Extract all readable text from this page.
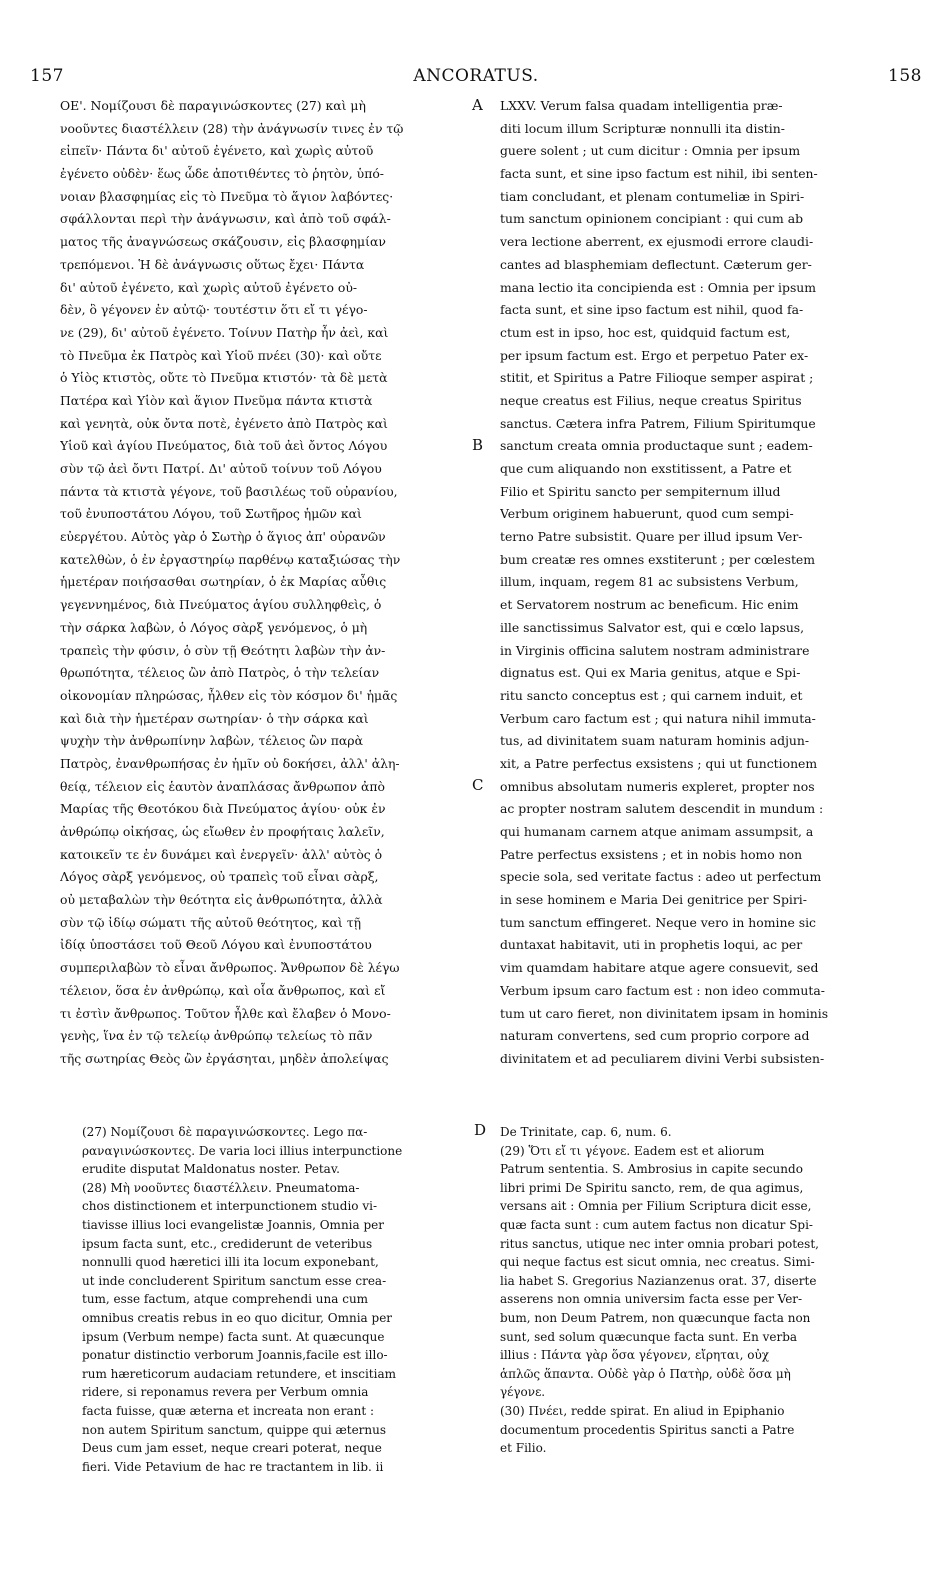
157	ANCORATUS.	158
ΟΕ'. Νομίζουσι δὲ παραγινώσκοντες (27) καὶ μὴ
νοοῦντες διαστέλλειν (28) τὴν ἀνάγνωσίν τινες ἐν τῷ
εἰπεῖν· Πάντα δι' αὐτοῦ ἐγένετο, καὶ χωρὶς αὐτοῦ
ἐγένετο οὐδὲν· ἕως ὧδε ἀποτιθέντες τὸ ῥητὸν, ὑπό-
νοιαν βλασφημίας εἰς τὸ Πνεῦμα τὸ ἅγιον λαβόντες·
σφάλλονται περὶ τὴν ἀνάγνωσιν, καὶ ἀπὸ τοῦ σφάλ-
ματος τῆς ἀναγνώσεως σκάζουσιν, εἰς βλασφημίαν
τρεπόμενοι. Ἡ δὲ ἀνάγνωσις οὕτως ἔχει· Πάντα
δι' αὐτοῦ ἐγένετο, καὶ χωρὶς αὐτοῦ ἐγένετο οὐ-
δὲν, ὃ γέγονεν ἐν αὐτῷ· τουτέστιν ὅτι εἴ τι γέγο-
νε (29), δι' αὐτοῦ ἐγένετο. Τοίνυν Πατὴρ ἦν ἀεὶ, καὶ
τὸ Πνεῦμα ἐκ Πατρὸς καὶ Υἱοῦ πνέει (30)· καὶ οὔτε
ὁ Υἱὸς κτιστὸς, οὔτε τὸ Πνεῦμα κτιστόν· τὰ δὲ μετὰ
Πατέρα καὶ Υἱὸν καὶ ἅγιον Πνεῦμα πάντα κτιστὰ
καὶ γενητὰ, οὐκ ὄντα ποτὲ, ἐγένετο ἀπὸ Πατρὸς καὶ
Υἱοῦ καὶ ἁγίου Πνεύματος, διὰ τοῦ ἀεὶ ὄντος Λόγου
σὺν τῷ ἀεὶ ὄντι Πατρί. Δι' αὐτοῦ τοίνυν τοῦ Λόγου
πάντα τὰ κτιστὰ γέγονε, τοῦ βασιλέως τοῦ οὐρανίου,
τοῦ ἐνυποστάτου Λόγου, τοῦ Σωτῆρος ἡμῶν καὶ
εὐεργέτου. Αὐτὸς γὰρ ὁ Σωτὴρ ὁ ἅγιος ἀπ' οὐρανῶν
κατελθὼν, ὁ ἐν ἐργαστηρίῳ παρθένῳ καταξιώσας τὴν
ἡμετέραν ποιήσασθαι σωτηρίαν, ὁ ἐκ Μαρίας αὖθις
γεγεννημένος, διὰ Πνεύματος ἁγίου συλληφθεὶς, ὁ
τὴν σάρκα λαβὼν, ὁ Λόγος σὰρξ γενόμενος, ὁ μὴ
τραπεὶς τὴν φύσιν, ὁ σὺν τῇ Θεότητι λαβὼν τὴν ἀν-
θρωπότητα, τέλειος ὢν ἀπὸ Πατρὸς, ὁ τὴν τελείαν
οἰκονομίαν πληρώσας, ἦλθεν εἰς τὸν κόσμον δι' ἡμᾶς
καὶ διὰ τὴν ἡμετέραν σωτηρίαν· ὁ τὴν σάρκα καὶ
ψυχὴν τὴν ἀνθρωπίνην λαβὼν, τέλειος ὢν παρὰ
Πατρὸς, ἐνανθρωπήσας ἐν ἡμῖν οὐ δοκήσει, ἀλλ' ἀλη-
θείᾳ, τέλειον εἰς ἑαυτὸν ἀναπλάσας ἄνθρωπον ἀπὸ
Μαρίας τῆς Θεοτόκου διὰ Πνεύματος ἁγίου· οὐκ ἐν
ἀνθρώπῳ οἰκήσας, ὡς εἴωθεν ἐν προφήταις λαλεῖν,
κατοικεῖν τε ἐν δυνάμει καὶ ἐνεργεῖν· ἀλλ' αὐτὸς ὁ
Λόγος σὰρξ γενόμενος, οὐ τραπεὶς τοῦ εἶναι σὰρξ,
οὐ μεταβαλὼν τὴν θεότητα εἰς ἀνθρωπότητα, ἀλλὰ
σὺν τῷ ἰδίῳ σώματι τῆς αὐτοῦ θεότητος, καὶ τῇ
ἰδίᾳ ὑποστάσει τοῦ Θεοῦ Λόγου καὶ ἐνυποστάτου
συμπεριλαβὼν τὸ εἶναι ἄνθρωπος. Ἄνθρωπον δὲ λέγω
τέλειον, ὅσα ἐν ἀνθρώπῳ, καὶ οἷα ἄνθρωπος, καὶ εἴ
τι ἐστὶν ἄνθρωπος. Τοῦτον ἦλθε καὶ ἔλαβεν ὁ Μονο-
γενὴς, ἵνα ἐν τῷ τελείῳ ἀνθρώπῳ τελείως τὸ πᾶν
τῆς σωτηρίας Θεὸς ὢν ἐργάσηται, μηδὲν ἀπολείψας
LXXV. Verum falsa quadam intelligentia præ-
diti locum illum Scripturæ nonnulli ita distin-
guere solent ; ut cum dicitur : Omnia per ipsum
facta sunt, et sine ipso factum est nihil, ibi senten-
tiam concludant, et plenam contumeliæ in Spiri-
tum sanctum opinionem concipiant : qui cum ab
vera lectione aberrent, ex ejusmodi errore claudi-
cantes ad blasphemiam deflectunt. Cæterum ger-
mana lectio ita concipienda est : Omnia per ipsum
facta sunt, et sine ipso factum est nihil, quod fa-
ctum est in ipso, hoc est, quidquid factum est,
per ipsum factum est. Ergo et perpetuo Pater ex-
stitit, et Spiritus a Patre Filioque semper aspirat ;
neque creatus est Filius, neque creatus Spiritus
sanctus. Cætera infra Patrem, Filium Spiritumque
sanctum creata omnia productaque sunt ; eadem-
que cum aliquando non exstitissent, a Patre et
Filio et Spiritu sancto per sempiternum illud
Verbum originem habuerunt, quod cum sempi-
terno Patre subsistit. Quare per illud ipsum Ver-
bum creatæ res omnes exstiterunt ; per cœlestem
illum, inquam, regem 81 ac subsistens Verbum,
et Servatorem nostrum ac beneficum. Hic enim
ille sanctissimus Salvator est, qui e cœlo lapsus,
in Virginis officina salutem nostram administrare
dignatus est. Qui ex Maria genitus, atque e Spi-
ritu sancto conceptus est ; qui carnem induit, et
Verbum caro factum est ; qui natura nihil immuta-
tus, ad divinitatem suam naturam hominis adjun-
xit, a Patre perfectus exsistens ; qui ut functionem
omnibus absolutam numeris expleret, propter nos
ac propter nostram salutem descendit in mundum :
qui humanam carnem atque animam assumpsit, a
Patre perfectus exsistens ; et in nobis homo non
specie sola, sed veritate factus : adeo ut perfectum
in sese hominem e Maria Dei genitrice per Spiri-
tum sanctum effingeret. Neque vero in homine sic
duntaxat habitavit, uti in prophetis loqui, ac per
vim quamdam habitare atque agere consuevit, sed
Verbum ipsum caro factum est : non ideo commuta-
tum ut caro fieret, non divinitatem ipsam in hominis
naturam convertens, sed cum proprio corpore ad
divinitatem et ad peculiarem divini Verbi subsisten-
A
B
C
D
(27) Νομίζουσι δὲ παραγινώσκοντες. Lego πα-
ραναγινώσκοντες. De varia loci illius interpunctione
erudite disputat Maldonatus noster. Petav.
(28) Μὴ νοοῦντες διαστέλλειν. Pneumatoma-
chos distinctionem et interpunctionem studio vi-
tiavisse illius loci evangelistæ Joannis, Omnia per
ipsum facta sunt, etc., crediderunt de veteribus
nonnulli quod hæretici illi ita locum exponebant,
ut inde concluderent Spiritum sanctum esse crea-
tum, esse factum, atque comprehendi una cum
omnibus creatis rebus in eo quo dicitur, Omnia per
ipsum (Verbum nempe) facta sunt. At quæcunque
ponatur distinctio verborum Joannis,facile est illo-
rum hæreticorum audaciam retundere, et inscitiam
ridere, si reponamus revera per Verbum omnia
facta fuisse, quæ æterna et increata non erant :
non autem Spiritum sanctum, quippe qui æternus
Deus cum jam esset, neque creari poterat, neque
fieri. Vide Petavium de hac re tractantem in lib. ii
De Trinitate, cap. 6, num. 6.
(29) Ὅτι εἴ τι γέγονε. Eadem est et aliorum
Patrum sententia. S. Ambrosius in capite secundo
libri primi De Spiritu sancto, rem, de qua agimus,
versans ait : Omnia per Filium Scriptura dicit esse,
quæ facta sunt : cum autem factus non dicatur Spi-
ritus sanctus, utique nec inter omnia probari potest,
qui neque factus est sicut omnia, nec creatus. Simi-
lia habet S. Gregorius Nazianzenus orat. 37, diserte
asserens non omnia universim facta esse per Ver-
bum, non Deum Patrem, non quæcunque facta non
sunt, sed solum quæcunque facta sunt. En verba
illius : Πάντα γὰρ ὅσα γέγονεν, εἴρηται, οὐχ
ἁπλῶς ἅπαντα. Οὐδὲ γὰρ ὁ Πατὴρ, οὐδὲ ὅσα μὴ
γέγονε.
(30) Πνέει, redde spirat. En aliud in Epiphanio
documentum procedentis Spiritus sancti a Patre
et Filio.
